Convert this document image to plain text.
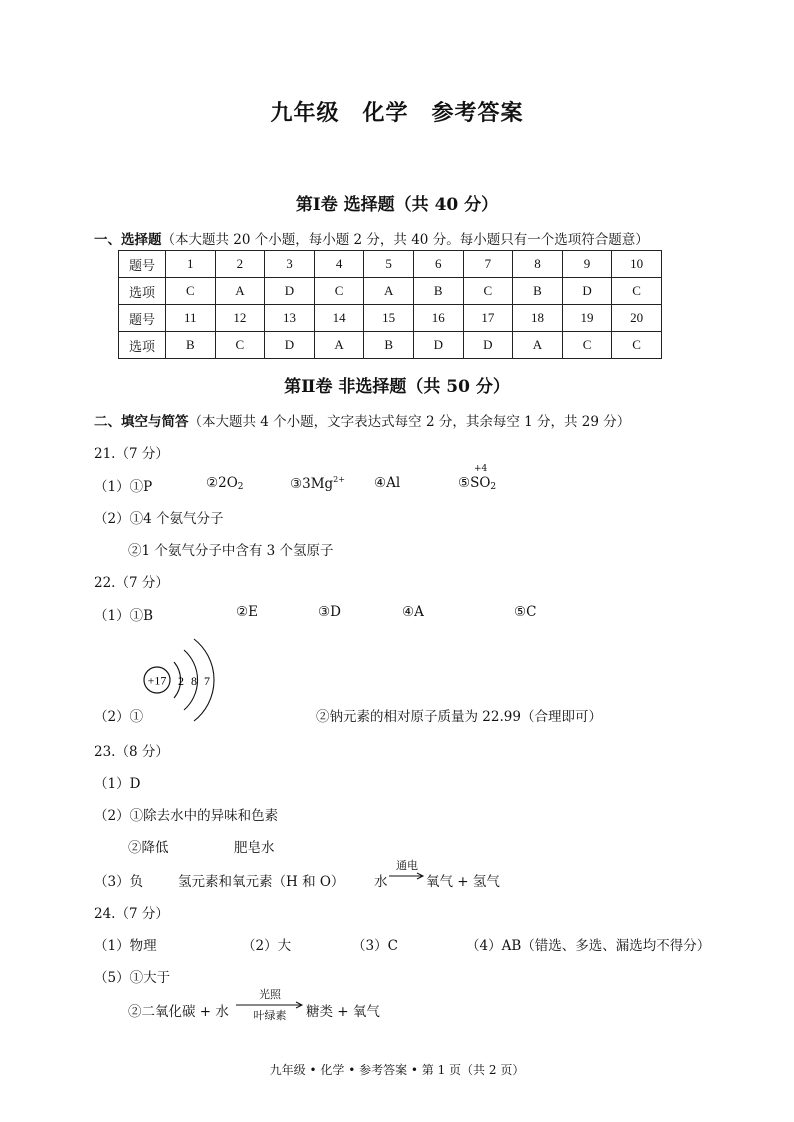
九年级　化学　参考答案
第Ⅰ卷 选择题（共 40 分）
一、选择题（本大题共 20 个小题，每小题 2 分，共 40 分。每小题只有一个选项符合题意）
题号	1	2	3	4	5	6	7	8	9	10
选项	C	A	D	C	A	B	C	B	D	C
题号	11	12	13	14	15	16	17	18	19	20
选项	B	C	D	A	B	D	D	A	C	C
第Ⅱ卷 非选择题（共 50 分）
二、填空与简答（本大题共 4 个小题，文字表达式每空 2 分，其余每空 1 分，共 29 分）
21.（7 分）
（1）①P	$②2O_2$	$③3Mg^{2+}$ ④Al	⑤SO
+4
$_2$
（2）①4 个氨气分子
②1 个氨气分子中含有 3 个氢原子
22.（7 分）
（1）①B	②E	③D	④A	⑤C
+17 2 8 7
（2）①	②钠元素的相对原子质量为 22.99（合理即可）
23.（8 分）
（1）D
（2）①除去水中的异味和色素
②降低	肥皂水
（3）负	氢元素和氧元素（H 和 O） 水
通电
氧气 + 氢气
24.（7 分）
（1）物理	（2）大	（3）C	（4）AB（错选、多选、漏选均不得分）
（5）①大于
②二氧化碳 + 水
光照
叶绿素	糖类 + 氧气
九年级 • 化学 • 参考答案 • 第 1 页（共 2 页）
